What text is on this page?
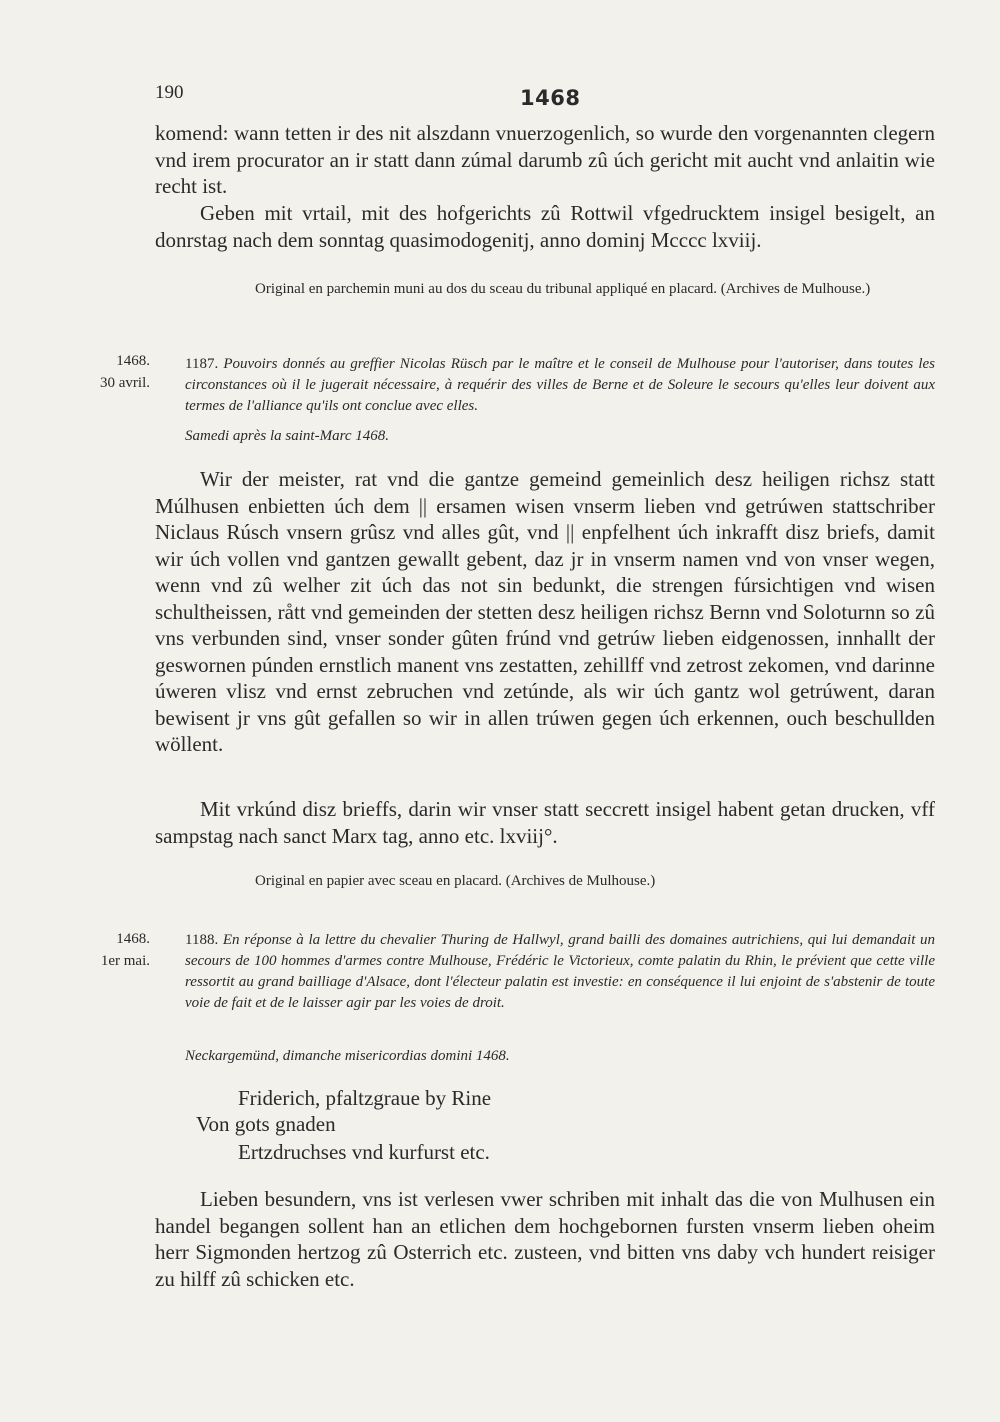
190	1468

komend: wann tetten ir des nit alszdann vnuerzogenlich, so wurde den vorgenannten clegern vnd irem procurator an ir statt dann zúmal darumb zû úch gericht mit aucht vnd anlaitin wie recht ist.

Geben mit vrtail, mit des hofgerichts zû Rottwil vfgedrucktem insigel besigelt, an donrstag nach dem sonntag quasimodogenitj, anno dominj Mcccc lxviij.

Original en parchemin muni au dos du sceau du tribunal appliqué en placard. (Archives de Mulhouse.)

1468.
30 avril.

1187. Pouvoirs donnés au greffier Nicolas Rüsch par le maître et le conseil de Mulhouse pour l'autoriser, dans toutes les circonstances où il le jugerait nécessaire, à requérir des villes de Berne et de Soleure le secours qu'elles leur doivent aux termes de l'alliance qu'ils ont conclue avec elles.

Samedi après la saint-Marc 1468.

Wir der meister, rat vnd die gantze gemeind gemeinlich desz heiligen richsz statt Múlhusen enbietten úch dem || ersamen wisen vnserm lieben vnd getrúwen stattschriber Niclaus Rúsch vnsern grûsz vnd alles gût, vnd || enpfelhent úch inkrafft disz briefs, damit wir úch vollen vnd gantzen gewallt gebent, daz jr in vnserm namen vnd von vnser wegen, wenn vnd zû welher zit úch das not sin bedunkt, die strengen fúrsichtigen vnd wisen schultheissen, rått vnd gemeinden der stetten desz heiligen richsz Bernn vnd Soloturnn so zû vns verbunden sind, vnser sonder gûten frúnd vnd getrúw lieben eidgenossen, innhallt der geswornen púnden ernstlich manent vns zestatten, zehillff vnd zetrost zekomen, vnd darinne úweren vlisz vnd ernst zebruchen vnd zetúnde, als wir úch gantz wol getrúwent, daran bewisent jr vns gût gefallen so wir in allen trúwen gegen úch erkennen, ouch beschullden wöllent.

Mit vrkúnd disz brieffs, darin wir vnser statt seccrett insigel habent getan drucken, vff sampstag nach sanct Marx tag, anno etc. lxviij°.

Original en papier avec sceau en placard. (Archives de Mulhouse.)

1468.
1er mai.

1188. En réponse à la lettre du chevalier Thuring de Hallwyl, grand bailli des domaines autrichiens, qui lui demandait un secours de 100 hommes d'armes contre Mulhouse, Frédéric le Victorieux, comte palatin du Rhin, le prévient que cette ville ressortit au grand bailliage d'Alsace, dont l'électeur palatin est investie: en conséquence il lui enjoint de s'abstenir de toute voie de fait et de le laisser agir par les voies de droit.

Neckargemünd, dimanche misericordias domini 1468.

Friderich, pfaltzgraue by Rine

Von gots gnaden

Ertzdruchses vnd kurfurst etc.

Lieben besundern, vns ist verlesen vwer schriben mit inhalt das die von Mulhusen ein handel begangen sollent han an etlichen dem hochgebornen fursten vnserm lieben oheim herr Sigmonden hertzog zû Osterrich etc. zusteen, vnd bitten vns daby vch hundert reisiger zu hilff zû schicken etc.
